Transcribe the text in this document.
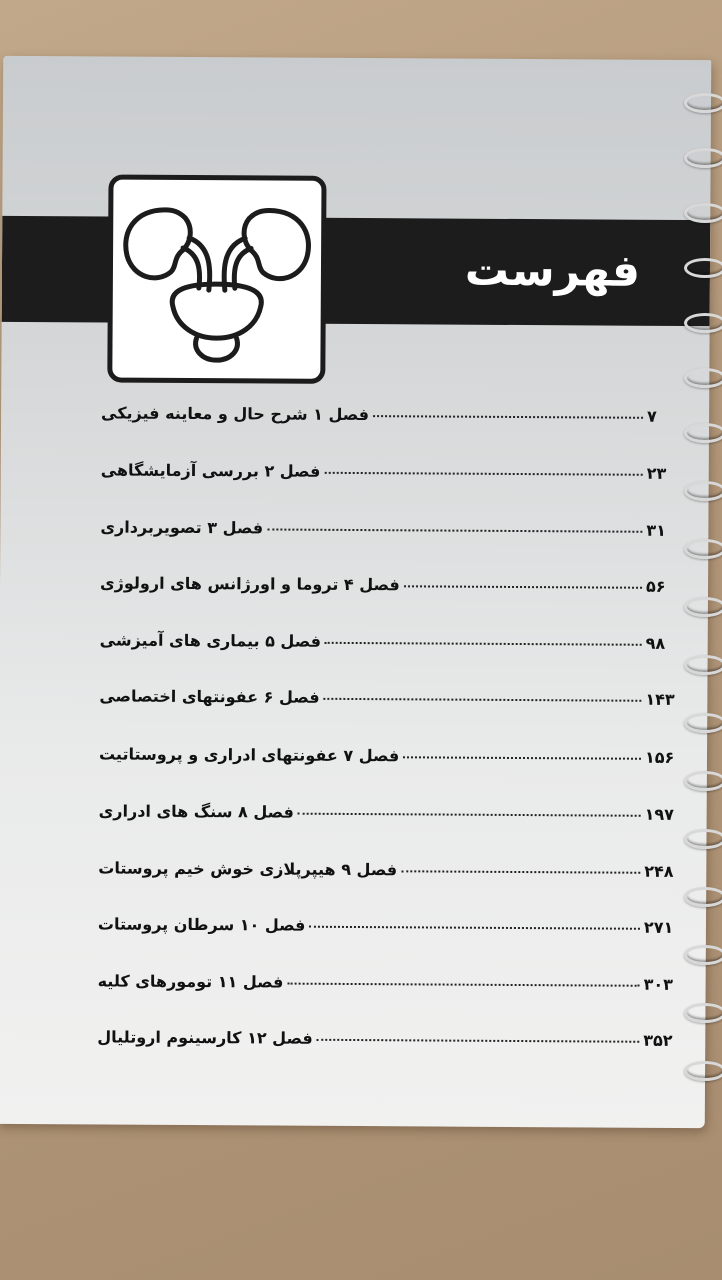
فهرست
فصل ۱ شرح حال و معاینه فیزیکی	۷
فصل ۲ بررسی آزمایشگاهی	۲۳
فصل ۳ تصویربرداری	۳۱
فصل ۴ تروما و اورژانس های ارولوژی	۵۶
فصل ۵ بیماری های آمیزشی	۹۸
فصل ۶ عفونتهای اختصاصی	۱۴۳
فصل ۷ عفونتهای ادراری و پروستاتیت	۱۵۶
فصل ۸ سنگ های ادراری	۱۹۷
فصل ۹ هیپرپلازی خوش خیم پروستات	۲۴۸
فصل ۱۰ سرطان پروستات	۲۷۱
فصل ۱۱ تومورهای کلیه	۳۰۳
فصل ۱۲ کارسینوم اروتلیال	۳۵۲
